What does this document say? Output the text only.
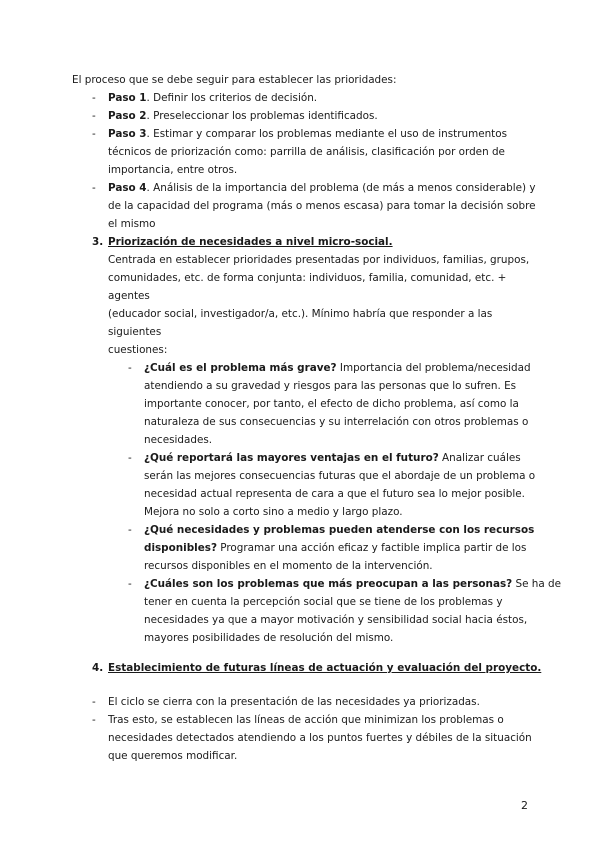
El proceso que se debe seguir para establecer las prioridades:
- Paso 1. Definir los criterios de decisión.
- Paso 2. Preseleccionar los problemas identificados.
- Paso 3. Estimar y comparar los problemas mediante el uso de instrumentos
técnicos de priorización como: parrilla de análisis, clasificación por orden de
importancia, entre otros.
- Paso 4. Análisis de la importancia del problema (de más a menos considerable) y
de la capacidad del programa (más o menos escasa) para tomar la decisión sobre
el mismo
3. Priorización de necesidades a nivel micro-social.
Centrada en establecer prioridades presentadas por individuos, familias, grupos,
comunidades, etc. de forma conjunta: individuos, familia, comunidad, etc. +
agentes
(educador social, investigador/a, etc.). Mínimo habría que responder a las
siguientes
cuestiones:
- ¿Cuál es el problema más grave? Importancia del problema/necesidad
atendiendo a su gravedad y riesgos para las personas que lo sufren. Es
importante conocer, por tanto, el efecto de dicho problema, así como la
naturaleza de sus consecuencias y su interrelación con otros problemas o
necesidades.
- ¿Qué reportará las mayores ventajas en el futuro? Analizar cuáles
serán las mejores consecuencias futuras que el abordaje de un problema o
necesidad actual representa de cara a que el futuro sea lo mejor posible.
Mejora no solo a corto sino a medio y largo plazo.
- ¿Qué necesidades y problemas pueden atenderse con los recursos
disponibles? Programar una acción eficaz y factible implica partir de los
recursos disponibles en el momento de la intervención.
- ¿Cuáles son los problemas que más preocupan a las personas? Se ha de
tener en cuenta la percepción social que se tiene de los problemas y
necesidades ya que a mayor motivación y sensibilidad social hacia éstos,
mayores posibilidades de resolución del mismo.
4. Establecimiento de futuras líneas de actuación y evaluación del proyecto.
- El ciclo se cierra con la presentación de las necesidades ya priorizadas.
- Tras esto, se establecen las líneas de acción que minimizan los problemas o
necesidades detectados atendiendo a los puntos fuertes y débiles de la situación
que queremos modificar.
2
